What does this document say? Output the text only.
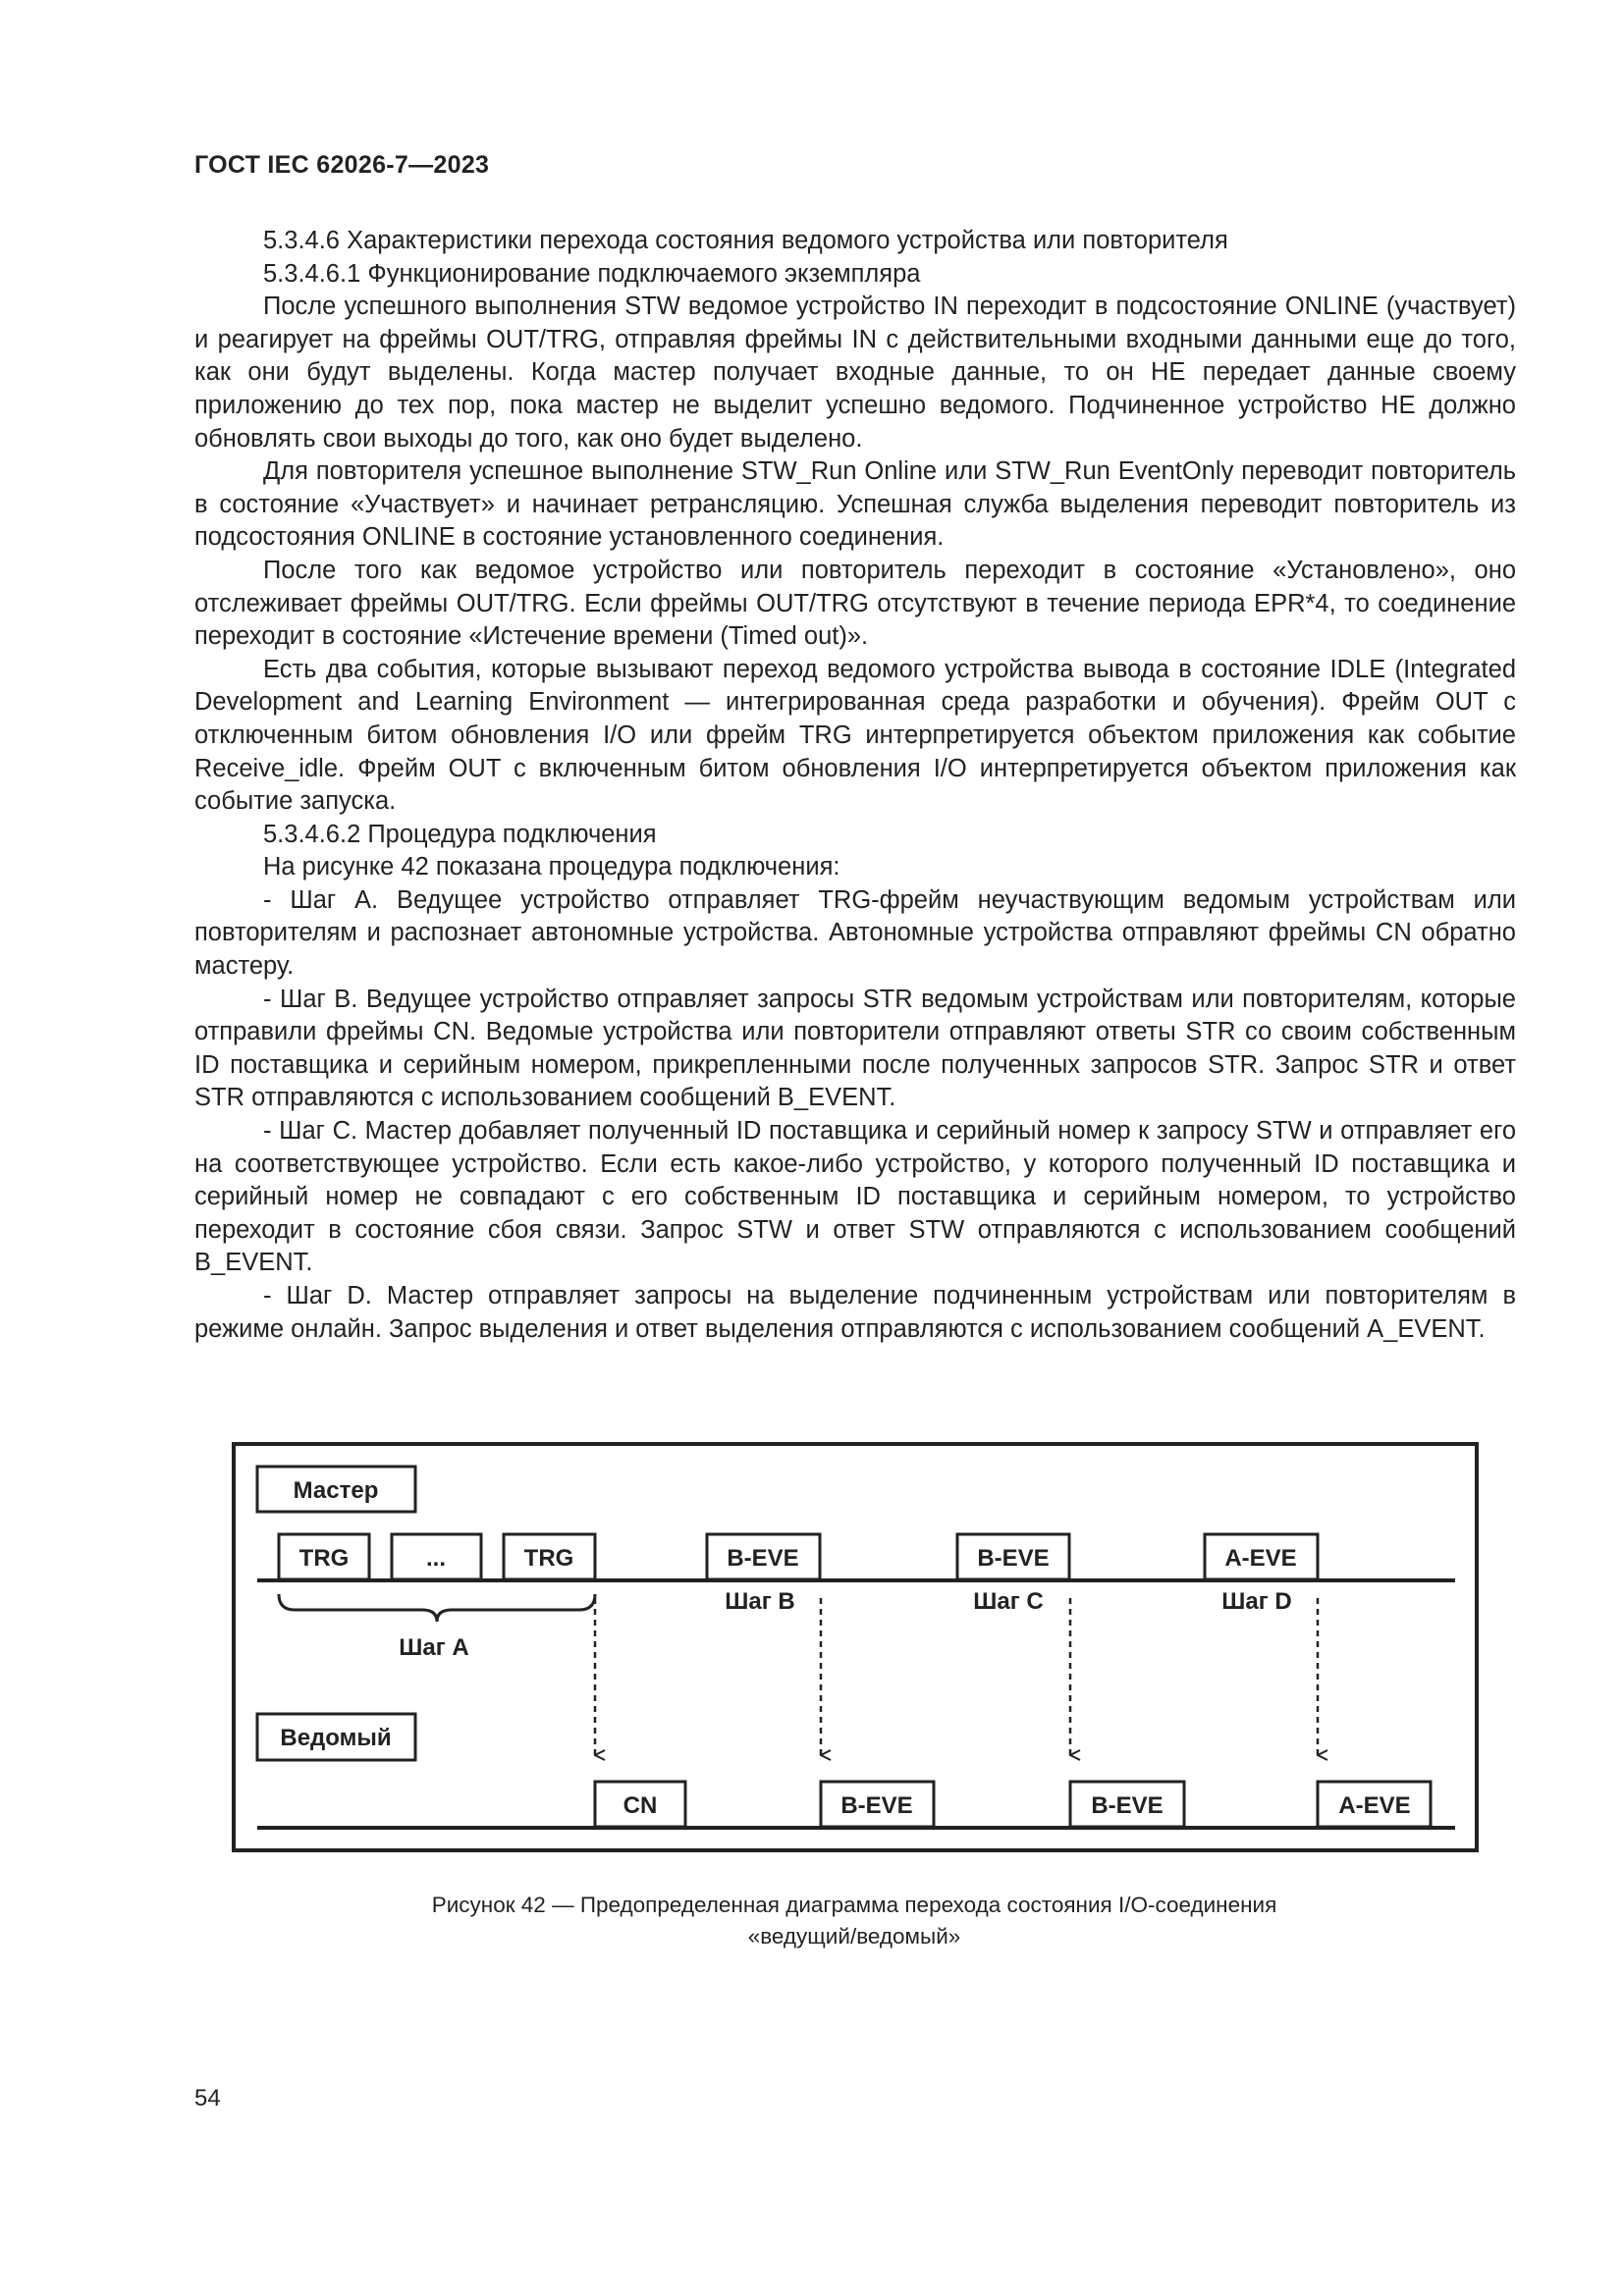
ГОСТ IEC 62026-7—2023

5.3.4.6 Характеристики перехода состояния ведомого устройства или повторителя

5.3.4.6.1 Функционирование подключаемого экземпляра

После успешного выполнения STW ведомое устройство IN переходит в подсостояние ONLINE (участвует) и реагирует на фреймы OUT/TRG, отправляя фреймы IN с действительными входными данными еще до того, как они будут выделены. Когда мастер получает входные данные, то он НЕ передает данные своему приложению до тех пор, пока мастер не выделит успешно ведомого. Подчиненное устройство НЕ должно обновлять свои выходы до того, как оно будет выделено.

Для повторителя успешное выполнение STW_Run Online или STW_Run EventOnly переводит повторитель в состояние «Участвует» и начинает ретрансляцию. Успешная служба выделения переводит повторитель из подсостояния ONLINE в состояние установленного соединения.

После того как ведомое устройство или повторитель переходит в состояние «Установлено», оно отслеживает фреймы OUT/TRG. Если фреймы OUT/TRG отсутствуют в течение периода EPR*4, то соединение переходит в состояние «Истечение времени (Timed out)».

Есть два события, которые вызывают переход ведомого устройства вывода в состояние IDLE (Integrated Development and Learning Environment — интегрированная среда разработки и обучения). Фрейм OUT с отключенным битом обновления I/O или фрейм TRG интерпретируется объектом приложения как событие Receive_idle. Фрейм OUT с включенным битом обновления I/O интерпретируется объектом приложения как событие запуска.

5.3.4.6.2 Процедура подключения

На рисунке 42 показана процедура подключения:

- Шаг А. Ведущее устройство отправляет TRG-фрейм неучаствующим ведомым устройствам или повторителям и распознает автономные устройства. Автономные устройства отправляют фреймы CN обратно мастеру.

- Шаг В. Ведущее устройство отправляет запросы STR ведомым устройствам или повторителям, которые отправили фреймы CN. Ведомые устройства или повторители отправляют ответы STR со своим собственным ID поставщика и серийным номером, прикрепленными после полученных запросов STR. Запрос STR и ответ STR отправляются с использованием сообщений B_EVENT.

- Шаг С. Мастер добавляет полученный ID поставщика и серийный номер к запросу STW и отправляет его на соответствующее устройство. Если есть какое-либо устройство, у которого полученный ID поставщика и серийный номер не совпадают с его собственным ID поставщика и серийным номером, то устройство переходит в состояние сбоя связи. Запрос STW и ответ STW отправляются с использованием сообщений B_EVENT.

- Шаг D. Мастер отправляет запросы на выделение подчиненным устройствам или повторителям в режиме онлайн. Запрос выделения и ответ выделения отправляются с использованием сообщений A_EVENT.

Мастер
Ведомый
TRG	...	TRG	B-EVE	B-EVE	A-EVE
CN	B-EVE	B-EVE	A-EVE
Шаг A
Шаг B	Шаг C	Шаг D
Рисунок 42 — Предопределенная диаграмма перехода состояния I/O-соединения
«ведущий/ведомый»
54
